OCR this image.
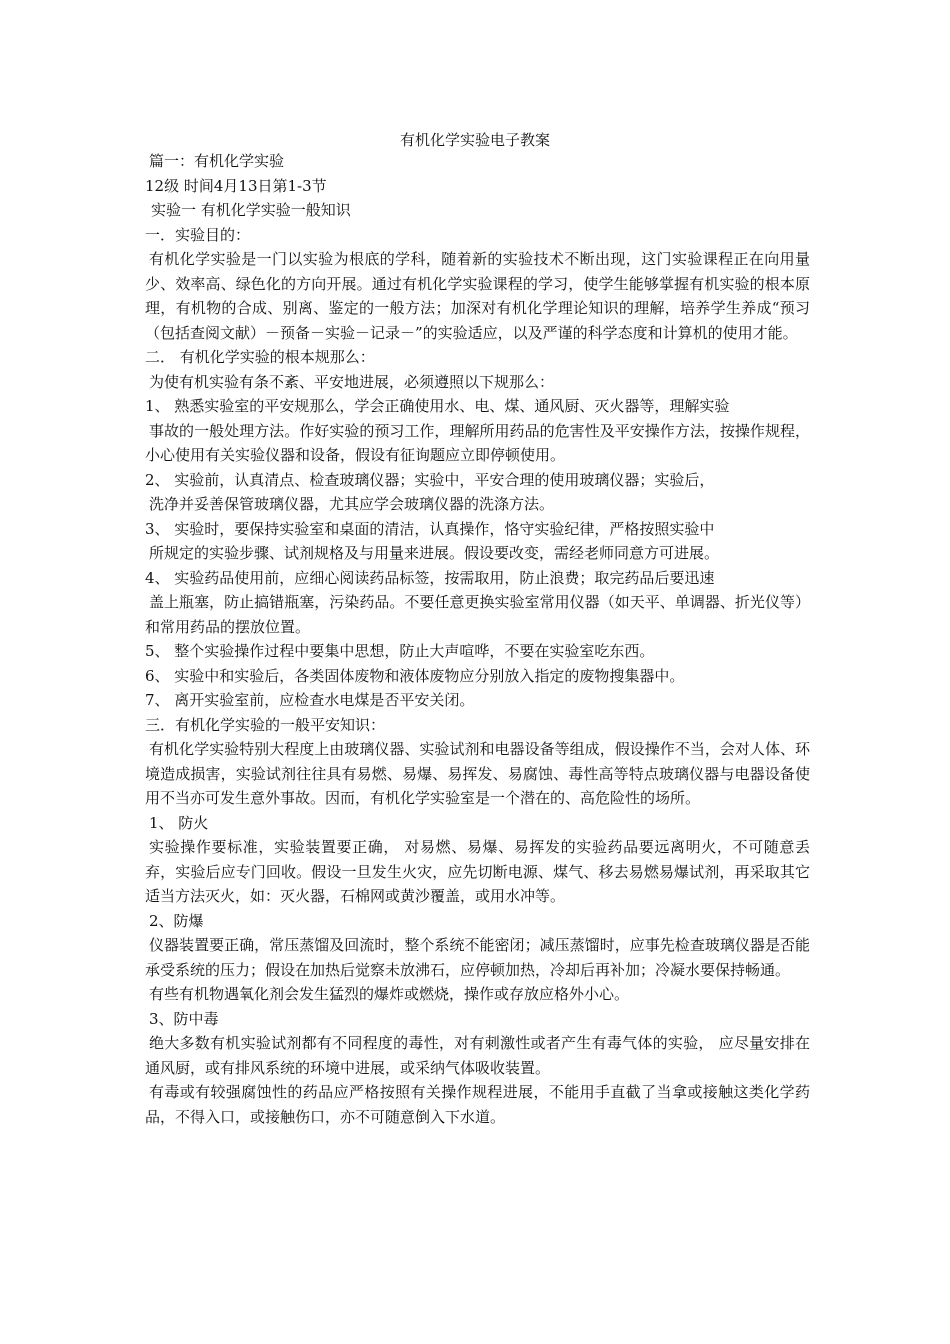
有机化学实验电子教案
篇一：有机化学实验
12级 时间4月13日第1-3节
实验一 有机化学实验一般知识
一．实验目的：
有机化学实验是一门以实验为根底的学科，随着新的实验技术不断出现，这门实验课程正在向用量少、效率高、绿色化的方向开展。通过有机化学实验课程的学习，使学生能够掌握有机实验的根本原理，有机物的合成、别离、鉴定的一般方法；加深对有机化学理论知识的理解，培养学生养成“预习（包括查阅文献）－预备－实验－记录－”的实验适应，以及严谨的科学态度和计算机的使用才能。
二． 有机化学实验的根本规那么：
为使有机实验有条不紊、平安地进展，必须遵照以下规那么：
1、 熟悉实验室的平安规那么，学会正确使用水、电、煤、通风厨、灭火器等，理解实验
事故的一般处理方法。作好实验的预习工作，理解所用药品的危害性及平安操作方法，按操作规程，小心使用有关实验仪器和设备，假设有征询题应立即停顿使用。
2、 实验前，认真清点、检查玻璃仪器；实验中，平安合理的使用玻璃仪器；实验后，
洗净并妥善保管玻璃仪器，尤其应学会玻璃仪器的洗涤方法。
3、 实验时，要保持实验室和桌面的清洁，认真操作，恪守实验纪律，严格按照实验中
所规定的实验步骤、试剂规格及与用量来进展。假设要改变，需经老师同意方可进展。
4、 实验药品使用前，应细心阅读药品标签，按需取用，防止浪费；取完药品后要迅速
盖上瓶塞，防止搞错瓶塞，污染药品。不要任意更换实验室常用仪器（如天平、单调器、折光仪等）和常用药品的摆放位置。
5、 整个实验操作过程中要集中思想，防止大声喧哗，不要在实验室吃东西。
6、 实验中和实验后，各类固体废物和液体废物应分别放入指定的废物搜集器中。
7、 离开实验室前，应检查水电煤是否平安关闭。
三．有机化学实验的一般平安知识：
有机化学实验特别大程度上由玻璃仪器、实验试剂和电器设备等组成，假设操作不当，会对人体、环境造成损害，实验试剂往往具有易燃、易爆、易挥发、易腐蚀、毒性高等特点玻璃仪器与电器设备使用不当亦可发生意外事故。因而，有机化学实验室是一个潜在的、高危险性的场所。
1、 防火
实验操作要标准，实验装置要正确， 对易燃、易爆、易挥发的实验药品要远离明火，不可随意丢弃，实验后应专门回收。假设一旦发生火灾，应先切断电源、煤气、移去易燃易爆试剂，再采取其它适当方法灭火，如：灭火器，石棉网或黄沙覆盖，或用水冲等。
2、防爆
仪器装置要正确，常压蒸馏及回流时，整个系统不能密闭；减压蒸馏时，应事先检查玻璃仪器是否能承受系统的压力；假设在加热后觉察未放沸石，应停顿加热，冷却后再补加；冷凝水要保持畅通。
有些有机物遇氧化剂会发生猛烈的爆炸或燃烧，操作或存放应格外小心。
3、防中毒
绝大多数有机实验试剂都有不同程度的毒性，对有刺激性或者产生有毒气体的实验， 应尽量安排在通风厨，或有排风系统的环境中进展，或采纳气体吸收装置。
有毒或有较强腐蚀性的药品应严格按照有关操作规程进展，不能用手直截了当拿或接触这类化学药品，不得入口，或接触伤口，亦不可随意倒入下水道。
